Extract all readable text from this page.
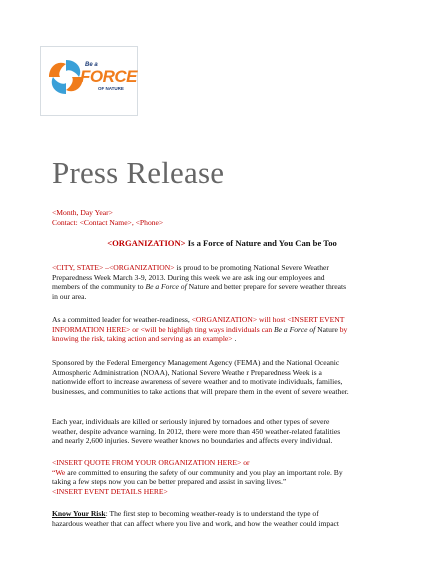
Be a
FORCE
OF NATURE
Press Release

<Month, Day Year>

Contact: <Contact Name>, <Phone>

<ORGANIZATION> Is a Force of Nature and You Can be Too

<CITY, STATE> –<ORGANIZATION> is proud to be promoting National Severe Weather

Preparedness Week March 3-9, 2013. During this week we are ask ing our employees and

members of the community to Be a Force of Nature and better prepare for severe weather threats

in our area.

As a committed leader for weather-readiness, <ORGANIZATION> will host <INSERT EVENT

INFORMATION HERE> or <will be highligh ting ways individuals can Be a Force of Nature by

knowing the risk, taking action and serving as an example> .

Sponsored by the Federal Emergency Management Agency (FEMA) and the National Oceanic

Atmospheric Administration (NOAA), National Severe Weathe r Preparedness Week is a

nationwide effort to increase awareness of severe weather and to motivate individuals, families,

businesses, and communities to take actions that will prepare them in the event of severe weather.

Each year, individuals are killed or seriously injured by tornadoes and other types of severe

weather, despite advance warning. In 2012, there were more than 450 weather-related fatalities

and nearly 2,600 injuries. Severe weather knows no boundaries and affects every individual.

<INSERT QUOTE FROM YOUR ORGANIZATION HERE> or

“We are committed to ensuring the safety of our community and you play an important role. By

taking a few steps now you can be better prepared and assist in saving lives.”

<INSERT EVENT DETAILS HERE>

Know Your Risk: The first step to becoming weather-ready is to understand the type of

hazardous weather that can affect where you live and work, and how the weather could impact
